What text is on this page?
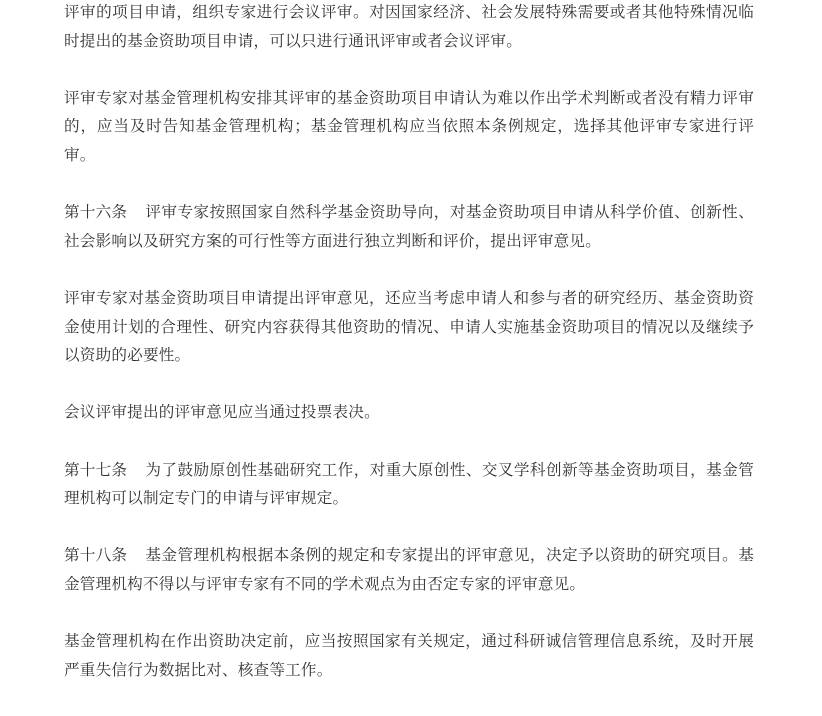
评审的项目申请，组织专家进行会议评审。对因国家经济、社会发展特殊需要或者其他特殊情况临时提出的基金资助项目申请，可以只进行通讯评审或者会议评审。

评审专家对基金管理机构安排其评审的基金资助项目申请认为难以作出学术判断或者没有精力评审的，应当及时告知基金管理机构；基金管理机构应当依照本条例规定，选择其他评审专家进行评审。

第十六条 评审专家按照国家自然科学基金资助导向，对基金资助项目申请从科学价值、创新性、社会影响以及研究方案的可行性等方面进行独立判断和评价，提出评审意见。

评审专家对基金资助项目申请提出评审意见，还应当考虑申请人和参与者的研究经历、基金资助资金使用计划的合理性、研究内容获得其他资助的情况、申请人实施基金资助项目的情况以及继续予以资助的必要性。

会议评审提出的评审意见应当通过投票表决。

第十七条 为了鼓励原创性基础研究工作，对重大原创性、交叉学科创新等基金资助项目，基金管理机构可以制定专门的申请与评审规定。

第十八条 基金管理机构根据本条例的规定和专家提出的评审意见，决定予以资助的研究项目。基金管理机构不得以与评审专家有不同的学术观点为由否定专家的评审意见。

基金管理机构在作出资助决定前，应当按照国家有关规定，通过科研诚信管理信息系统，及时开展严重失信行为数据比对、核查等工作。
